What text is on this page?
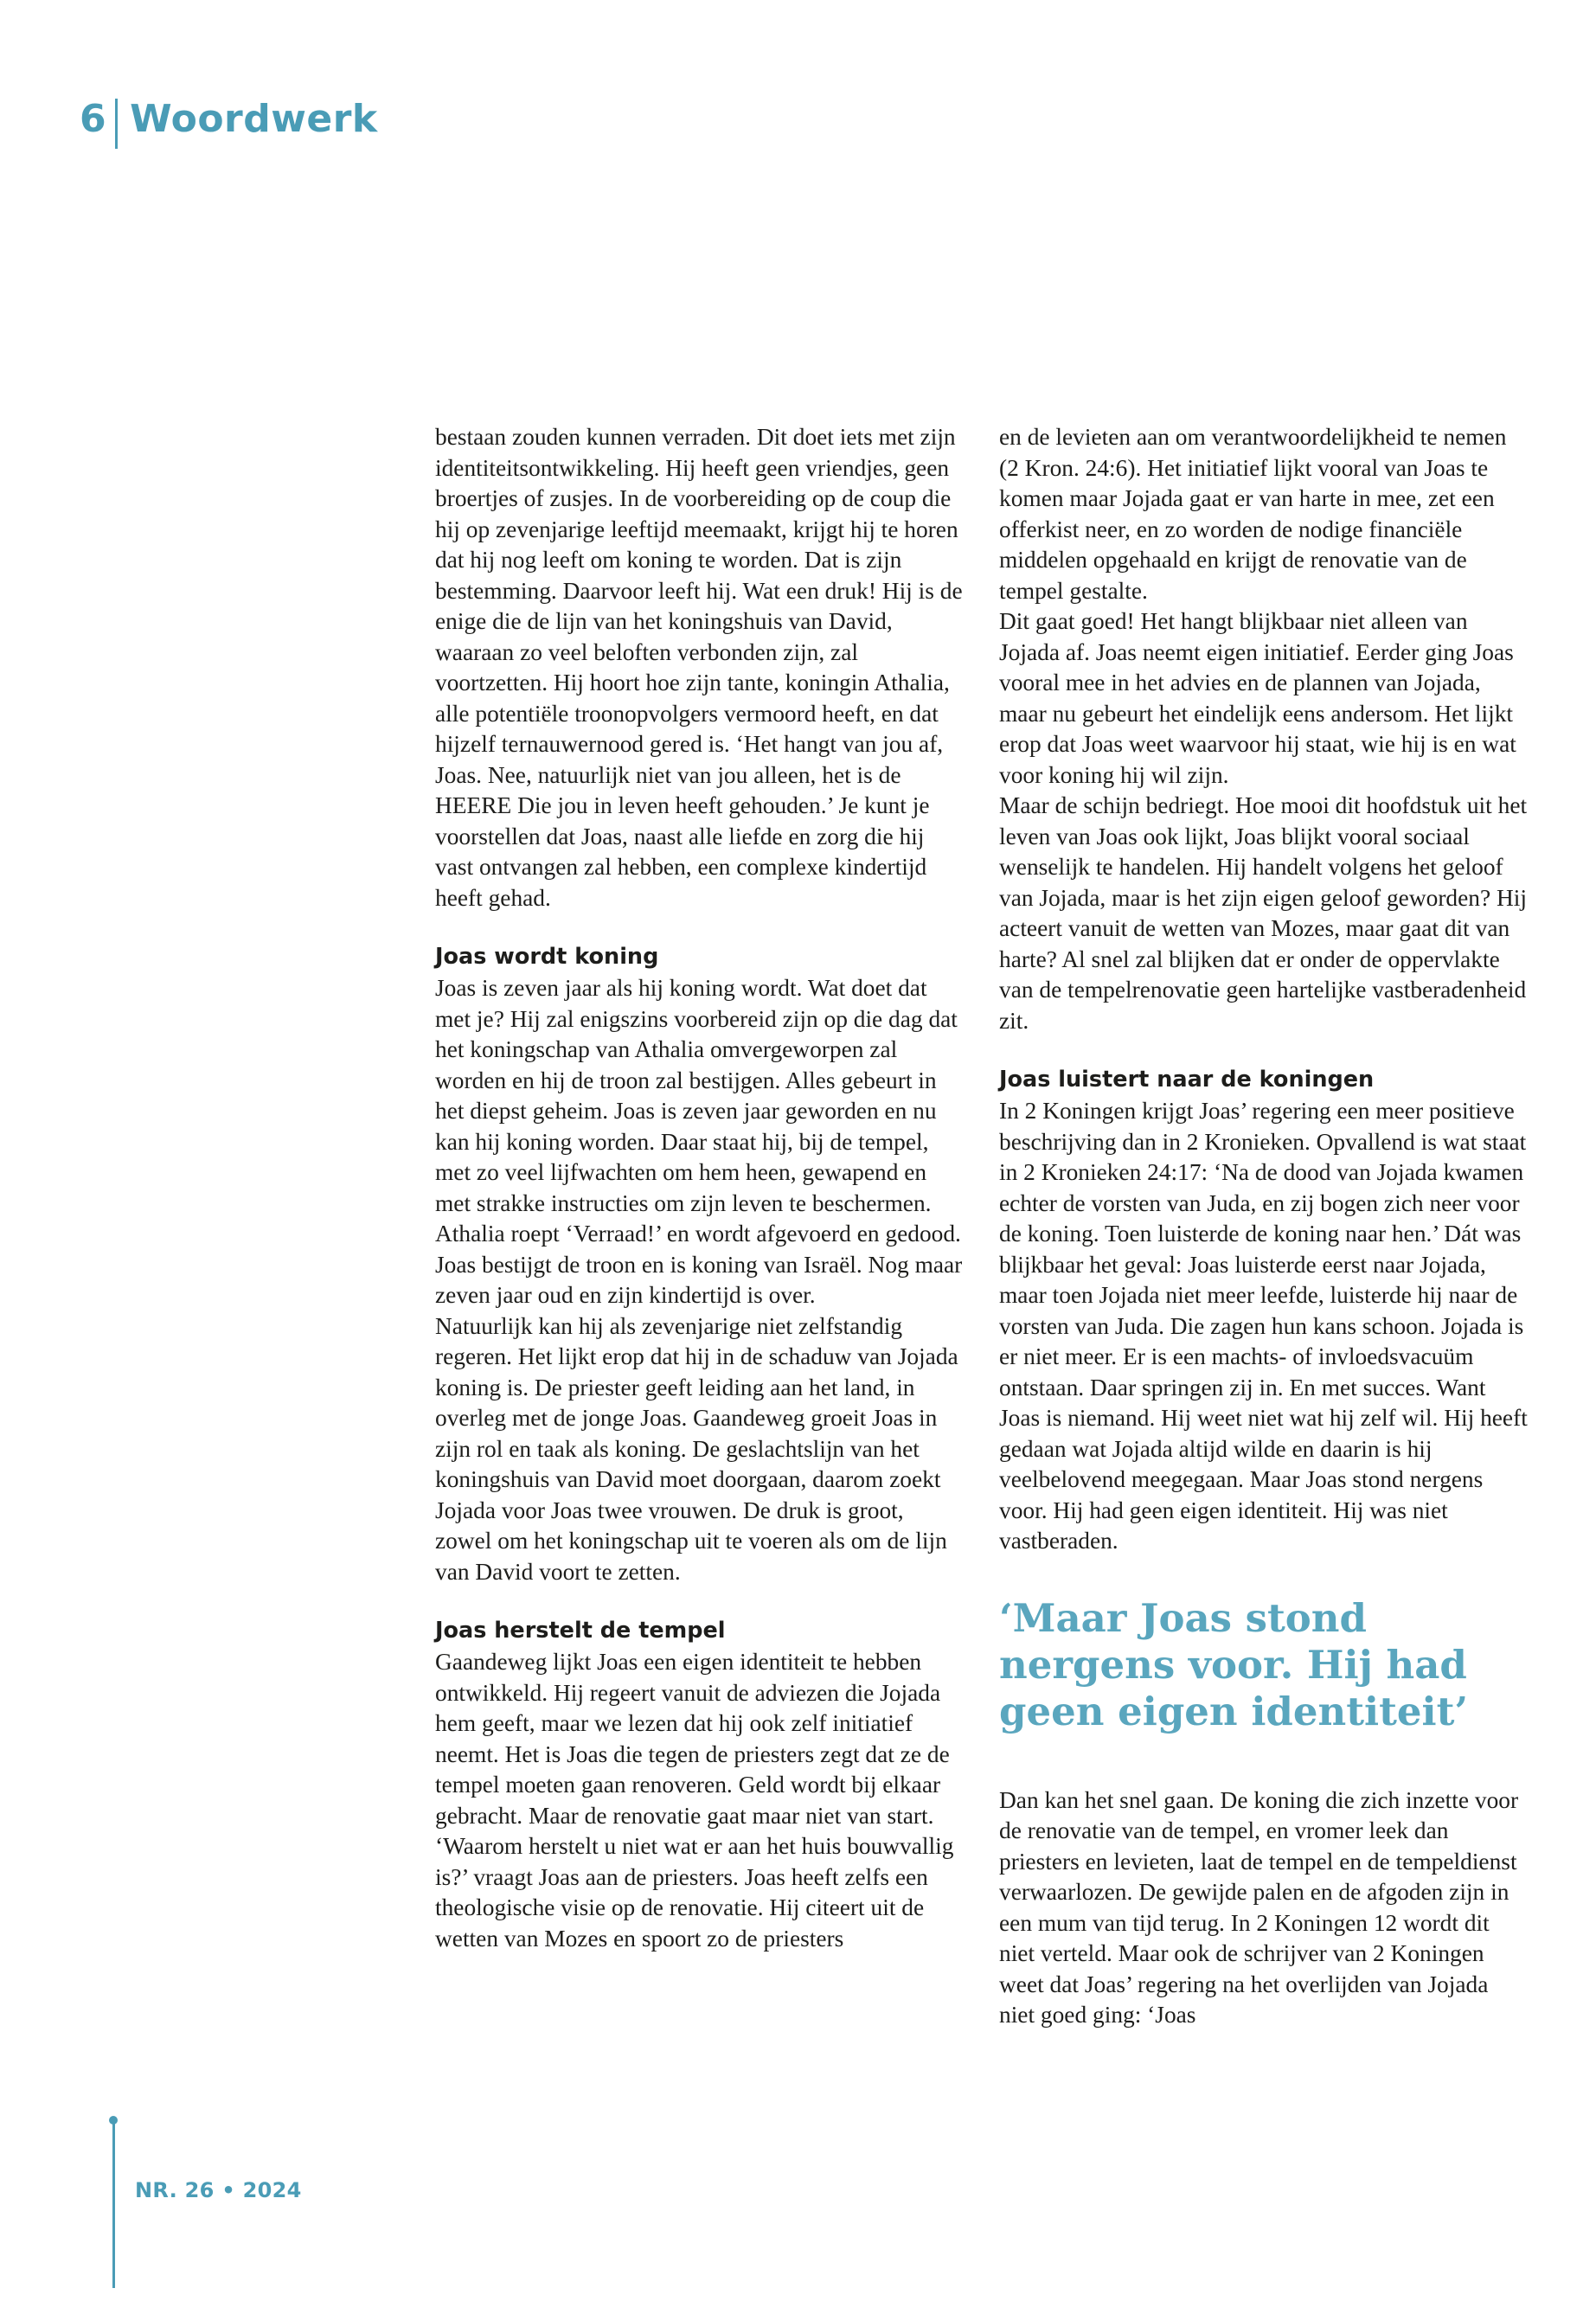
6 Woordwerk

bestaan zouden kunnen verraden. Dit doet iets met zijn identiteitsontwikkeling. Hij heeft geen vriendjes, geen broertjes of zusjes. In de voorbereiding op de coup die hij op zevenjarige leeftijd meemaakt, krijgt hij te horen dat hij nog leeft om koning te worden. Dat is zijn bestemming. Daarvoor leeft hij. Wat een druk! Hij is de enige die de lijn van het koningshuis van David, waaraan zo veel beloften verbonden zijn, zal voortzetten. Hij hoort hoe zijn tante, koningin Athalia, alle potentiële troonopvolgers vermoord heeft, en dat hijzelf ternauwernood gered is. ‘Het hangt van jou af, Joas. Nee, natuurlijk niet van jou alleen, het is de HEERE Die jou in leven heeft gehouden.’ Je kunt je voorstellen dat Joas, naast alle liefde en zorg die hij vast ontvangen zal hebben, een complexe kindertijd heeft gehad.

Joas wordt koning

Joas is zeven jaar als hij koning wordt. Wat doet dat met je? Hij zal enigszins voorbereid zijn op die dag dat het koningschap van Athalia omvergeworpen zal worden en hij de troon zal bestijgen. Alles gebeurt in het diepst geheim. Joas is zeven jaar geworden en nu kan hij koning worden. Daar staat hij, bij de tempel, met zo veel lijfwachten om hem heen, gewapend en met strakke instructies om zijn leven te beschermen. Athalia roept ‘Verraad!’ en wordt afgevoerd en gedood. Joas bestijgt de troon en is koning van Israël. Nog maar zeven jaar oud en zijn kindertijd is over.

Natuurlijk kan hij als zevenjarige niet zelfstandig regeren. Het lijkt erop dat hij in de schaduw van Jojada koning is. De priester geeft leiding aan het land, in overleg met de jonge Joas. Gaandeweg groeit Joas in zijn rol en taak als koning. De geslachtslijn van het koningshuis van David moet doorgaan, daarom zoekt Jojada voor Joas twee vrouwen. De druk is groot, zowel om het koningschap uit te voeren als om de lijn van David voort te zetten.

Joas herstelt de tempel

Gaandeweg lijkt Joas een eigen identiteit te hebben ontwikkeld. Hij regeert vanuit de adviezen die Jojada hem geeft, maar we lezen dat hij ook zelf initiatief neemt. Het is Joas die tegen de priesters zegt dat ze de tempel moeten gaan renoveren. Geld wordt bij elkaar gebracht. Maar de renovatie gaat maar niet van start. ‘Waarom herstelt u niet wat er aan het huis bouwvallig is?’ vraagt Joas aan de priesters. Joas heeft zelfs een theologische visie op de renovatie. Hij citeert uit de wetten van Mozes en spoort zo de priesters

en de levieten aan om verantwoordelijkheid te nemen (2 Kron. 24:6). Het initiatief lijkt vooral van Joas te komen maar Jojada gaat er van harte in mee, zet een offerkist neer, en zo worden de nodige financiële middelen opgehaald en krijgt de renovatie van de tempel gestalte.

Dit gaat goed! Het hangt blijkbaar niet alleen van Jojada af. Joas neemt eigen initiatief. Eerder ging Joas vooral mee in het advies en de plannen van Jojada, maar nu gebeurt het eindelijk eens andersom. Het lijkt erop dat Joas weet waarvoor hij staat, wie hij is en wat voor koning hij wil zijn.

Maar de schijn bedriegt. Hoe mooi dit hoofdstuk uit het leven van Joas ook lijkt, Joas blijkt vooral sociaal wenselijk te handelen. Hij handelt volgens het geloof van Jojada, maar is het zijn eigen geloof geworden? Hij acteert vanuit de wetten van Mozes, maar gaat dit van harte? Al snel zal blijken dat er onder de oppervlakte van de tempelrenovatie geen hartelijke vastberadenheid zit.

Joas luistert naar de koningen

In 2 Koningen krijgt Joas’ regering een meer positieve beschrijving dan in 2 Kronieken. Opvallend is wat staat in 2 Kronieken 24:17: ‘Na de dood van Jojada kwamen echter de vorsten van Juda, en zij bogen zich neer voor de koning. Toen luisterde de koning naar hen.’ Dát was blijkbaar het geval: Joas luisterde eerst naar Jojada, maar toen Jojada niet meer leefde, luisterde hij naar de vorsten van Juda. Die zagen hun kans schoon. Jojada is er niet meer. Er is een machts- of invloedsvacuüm ontstaan. Daar springen zij in. En met succes. Want Joas is niemand. Hij weet niet wat hij zelf wil. Hij heeft gedaan wat Jojada altijd wilde en daarin is hij veelbelovend meegegaan. Maar Joas stond nergens voor. Hij had geen eigen identiteit. Hij was niet vastberaden.

‘Maar Joas stond nergens voor. Hij had geen eigen identiteit’

Dan kan het snel gaan. De koning die zich inzette voor de renovatie van de tempel, en vromer leek dan priesters en levieten, laat de tempel en de tempeldienst verwaarlozen. De gewijde palen en de afgoden zijn in een mum van tijd terug. In 2 Koningen 12 wordt dit niet verteld. Maar ook de schrijver van 2 Koningen weet dat Joas’ regering na het overlijden van Jojada niet goed ging: ‘Joas

NR. 26 • 2024
